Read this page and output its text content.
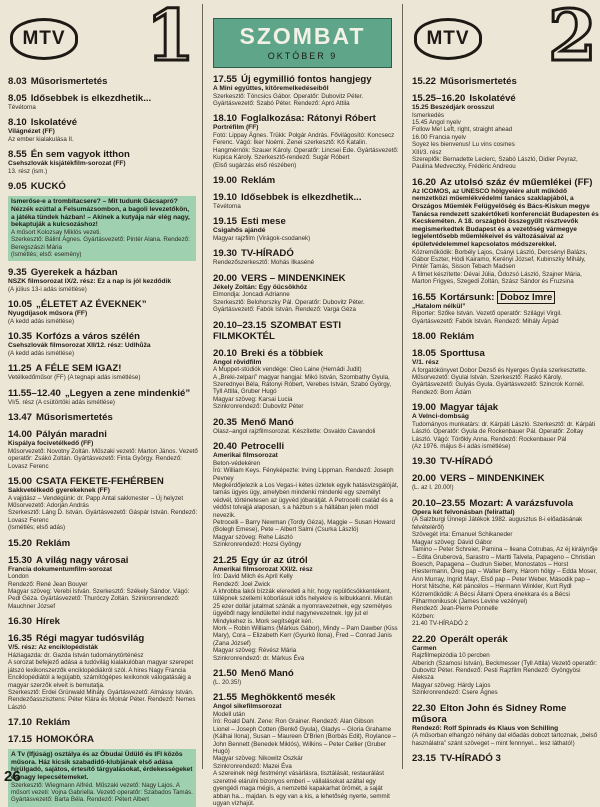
MTV 1
8.03 Műsorismertetés
8.05 Idősebbek is elkezdhetik...
Tévétorna
8.10 Iskolatévé
Világnézet (FF)
Az ember kialakulása II.
8.55 Én sem vagyok itthon
Csehszlovák kisjátékfilm-sorozat (FF)
13. rész (ism.)
9.05 KUCKÓ
Ismerőse-e a trombitacsere? – Mit tudunk Gácsapró? Nézzék ezúttal a Felsumázsombon, a bagoli levezetőkön, a játéka tündek házban! – Akinek a kutyája nár elég nagy, bekaptuják a kulcsozáshoz!
A műsort Kolozsay Miklós vezeti.
Szerkesztő: Bálint Ágnes. Gyártásvezető: Pintér Alana. Rendező: Beregszászi Mária
(Ismétlés; első: esemény)
9.35 Gyerekek a házban
NSZK filmsorozat IX/2. rész: Ez a nap is jól kezdődik
(A július 13-i adás ismétlése)
10.05 „ÉLETET AZ ÉVEKNEK”
Nyugdíjasok műsora (FF)
(A kedd adás ismétlése)
10.35 Korfózs a város szélén
Csehszlovák filmsorozat XII/12. rész: Udlhůža
(A kedd adás ismétlése)
11.25 A FÉLE SEM IGAZ!
Vetélkedőműsor (FF) (A tegnapi adás ismétlése)
11.55–12.40 „Legyen a zene mindenkié”
VI/5. rész (A csütörtöki adás ismétlése)
13.47 Műsorismertetés
14.00 Pályán maradni
Kispálya focivetélkedő (FF)
Műsorvezető: Novotny Zoltán. Műszaki vezető: Marton János. Vezető operatőr: Zsákó Zoltán. Gyártásvezető: Finta György. Rendező: Lovasz Ferenc
15.00 CSATA FEKETE-FEHÉRBEN
Sakkvetélkedő gyerekeknek (FF)
A vajjdász – Vendégünk: dr. Papp Antal sakkmester – Új helyzet
Műsorvezető: Adorján András
Szerkesztő: Láng D. István. Gyártásvezető: Gáspár István. Rendező: Lovasz Ferenc
(Ismétlés; első adás)
15.20 Reklám
15.30 A világ nagy városai
Francia dokumentumfilm-sorozat
London
Rendező: René Jean Bouyer
Magyar szöveg: Verebi István. Szerkesztő: Székely Sándor. Vágó: Pedl Géza. Gyártásvezető: Thuróczy Zoltán. Szinkronrendező: Mauchner József
16.30 Hírek
16.35 Régi magyar tudósvilág
V/5. rész: Az enciklopédisták
Háziagazda: dr. Gazda István tudománytörténész
A sorozat befejező adása a tudóvilág kialakulóban magyar szerepet játszó lexikonszerzők enciklopédiákról szól. A hires Nagy Francia Enciklopédiától a legújabb, számítógépes lexikonok válogatásáig a magyar szerzők elveit is bemutatja.
Szerkesztő: Erdei Grünwald Mihály. Gyártásvezető: Almássy István. Rendezőasszisztens: Péter Klára és Molnár Péter. Rendező: Nemes László
17.10 Reklám
17.15 HOMOKÓRA
A Tv (Ifjúság) osztálya és az Óbudai Üdülő és IFI közös műsora. Ház kicsik szabadidő-klubjának első adása hírülgadó, sajátos, értesítő tárgyalásokat, érdekességeket és nagy lepecsétemeket.
Szerkesztő: Wiegmann Alfréd. Műszaki vezető: Nagy Lajos. A műsort vezeti: Vojna Gabriella. Vezető operatőr: Szabados Tamás. Gyártásvezető: Barta Béla. Rendező: Pétert Albert
26
SZOMBAT
OKTÓBER 9
17.55 Új egymillió fontos hangjegy
A Mini együttes, kitöremelkedéseiből
Szerkesztő: Tóncsics Gábor. Operatőr: Dubovitz Péter. Gyártásvezető: Szabó Péter. Rendező: Apró Attila
18.10 Foglalkozása: Rátonyi Róbert
Portréfilm (FF)
Fotó: Lippay Ágnes. Trükk: Polgár András. Fővilágosító: Koncsecz Ferenc. Vágó: Iker Noémi. Zenei szerkesztő: Kő Katalin. Hangmérnök: Szauer Károly. Operatőr: Lincsei Ede. Gyártásvezető: Kupica Károly. Szerkesztő-rendező: Sugár Róbert
(Első sugárzás első részében)
19.00 Reklám
19.10 Idősebbek is elkezdhetik...
Tévétorna
19.15 Esti mese
Csigahős ajándé
Magyar rajzfilm (Virágok-csodanek)
19.30 TV-HÍRADÓ
Rendezőszerkesztő: Mohás Ilkaséné
20.00 VERS – MINDENKINEK
Jékely Zoltán: Egy öücsökhöz
Elmondja: Joncadi Adrianne
Szerkesztő: Belohorszky Pál. Operatőr: Dubovitz Péter. Gyártásvezető: Fabók István. Rendező: Varga Géza
20.10–23.15 SZOMBAT ESTI FILMKOKTÉL
20.10 Breki és a többiek
Angol rövidfilm
A Muppet-stúdiók vendége: Cleo Laine (Hernádi Judit)
A „Breki-zelpari” magyar hangjai: Mikó István, Szombathy Gyula, Szerednyei Béla, Rátonyi Róbert, Verebes István, Szabó György, Tyll Attila, Gruber Hugó
Magyar szöveg: Karsai Lucia
Szinkronrendező: Dubovitz Péter
20.35 Menő Manó
Olasz–angol rajzfilmsorozat. Készítette: Osvaldo Cavandoli
20.40 Petrocelli
Amerikai filmsorozat
Beton-védekéren
Író: William Keys. Fényképezte: Irving Lippman. Rendező: Joseph Pevney
Megkérdőjelezik a Los Vegas-i kétes üzletek egyik hatásvizsgálóját, tamás ügyes ügy, amelyben mindenki mindenki egy személyt védvél, történetesen az ügyvéd jóbarátját. A Petrocelli család és a védőst tolvajjá alaposan, s a házbun s a háltában jelen módl nevezik.
Petrocelli – Barry Newman (Tordy Géza), Maggie – Susan Howard (Bolegh Emese), Pete – Albert Salmi (Csurka László)
Magyar szöveg: Rehe László
Szinkronrendező: Hozsi Gyöngy
21.25 Egy úr az útról
Amerikai filmsorozat XXI/2. rész
Író: David Milch és April Kelly
Rendező: Joel Zwick
A khrobba lakói bízzák eleredeti a hír, hogy repülőcsökkentékent, túllépnek szellemi kóborlásuk idős helyekre is lelbukkanni. Miután 25 ezer dollár jutalmat szánák a nyomravezetnek, egy személyes ügyéből nagy lendülettel indul nagynevezetnek. Igy jut el Mindykehez is. Mork segítségét kéri.
Mork – Robin Williams (Márkus Gábor), Mindy – Pam Dawber (Kiss Mary), Cora – Elizabeth Kerr (Gyurkó Ilona), Fred – Conrad Janis (Zana József)
Magyar szöveg: Révész Mária
Szinkronrendező: dr. Márkus Éva
21.50 Menő Manó
(L. 20.35!)
21.55 Meghökkentő mesék
Angol sikefilmsorozat
Modell után
Író: Roald Dahl. Zene: Ron Grainer. Rendező: Alan Gibson
Lionel – Joseph Cotten (Benkő Gyula), Gladys – Gloria Grahame (Kálhai Ilona), Susan – Maureen O'Brien (Borbás Edit), Roylance – John Bennett (Benedek Miklós), Wilkins – Peter Cellier (Gruber Hugó)
Magyar szöveg: Nikowitz Oszkár
Szinkronrendező: Mazei Éva
A szereinek négi festményt vásárlásra, tisztálását, restaurálást szeretné elárulni bizonyos emberi – vállalásokat azáltal egy gyengédi maga mégis, a nemzetté kapakarhat örömét, a saját abban ha... majdan. Is egy van a kis, a lehetőség nyerte, semmit ugyan vízhajút.
MTV 2
15.22 Műsorismertetés
15.25–16.20 Iskolatévé
15.25 Beszédjárk orosszul
Ismerkedés
15.45 Angol nyelv
Follow Me! Left, right, straight ahead
16.00 Francia nyelv
Soyez les bienvenus! Lu vins cosmes
XIII/3. rész
Szereplők: Bernadette Leclerc, Szabó László, Didier Peyraz, Paulina Medveczky, Frédéric Andreou
16.20 Az utolsó száz év műemlékei (FF)
Az ICOMOS, az UNESCO hölgyeiére alult működő nemzetközi műemlékvédelmi tanács szaklapjából, a Országos Műemlék Felügyelőség és Bács-Kiskun megye Tanácsa rendezett szakértőketi konferenciát Budapesten és Kecskeméten. A 18. országból összegyűlt résztvevők megismerkedtek Budapest és a vezetőség vármegye legjelentősebb műemlékeivel és változásaival az épületvédelemmel kapcsolatos módszerekkel.
Közreműködik: Borbély Lajos, Csányi László, Dercsényi Balázs, Gábor Eszter, Hódi Kairamo, Kerényi József, Kubinszky Mihály, Pintér Tamás, Sisson Tebach Madsen
A filmet készítette: Dévai Júlia, Ódozsó László, Szajner Mária, Marton Frigyes, Szegedi Zoltán, Szász Sándor és Fruzsina
16.55 Kortársunk: Doboz Imre
„Hatalom nélkül”
Riporter: Szőke István. Vezető operatőr: Szilágyi Virgil. Gyártásvezető: Fabók István. Rendező: Mihály Árpád
18.00 Reklám
18.05 Sporttusa
V/1. rész
A forgatókönyvet Dobor Dezső és Nyerges Gyula szerkesztette. Műsorvezető: Gyulai István. Szerkesztő: Raskó Károly. Gyártásvezető: Gulyás Gyula. Gyártásvezető: Szincrok Kornél. Rendező: Born Ádám
19.00 Magyar tájak
A Velnci-dombság
Tudományos munkatárs: dr. Kárpáti László. Szerkesztő: dr. Kárpáti László. Operatőr: Gyula de Rockenbauer Pál. Operatőr: Zoltay László. Vágó: Törőkly Anna. Rendező: Rockenbauer Pál
(Az 1976. május 8-i adás ismétlése)
19.30 TV-HÍRADÓ
20.00 VERS – MINDENKINEK
(L. az I. 20.00!)
20.10–23.55 Mozart: A varázsfuvola
Opera két felvonásban (felirattal)
(A Salzburgi Ünnepi Játékok 1982. augusztus 8-i előadásának felvételéről)
Szövegét írta: Emanuel Schikaneder
Magyar szöveg: Dávid Gábor
Tamino – Peter Schreier, Pamina – Ileana Cotrubas, Az éj királynője – Edita Gruberová, Sarastro – Martti Talvela, Papageno – Christian Boesch, Papagena – Gudrun Sieber, Monostatos – Horst Hiestermann, Öreg pap – Walter Berry, Három hölgy – Edda Moser, Ann Murray, Ingrid Mayr, Első pap – Peter Weber, Második pap – Horst Nitsche, Két páncélos – Hermann Winkler, Kurt Rydl
Közreműködik: A Bécsi Állami Opera énekkara és a Bécsi Filharmonikusok (James Levine vezényel)
Rendező: Jean-Pierre Ponnelle
Közben:
21.40 TV-HÍRADÓ 2
22.20 Operált operák
Carmen
Rajzfilmepizódia 10 percben
Alberich (Szamosi István), Beckmesser (Tyll Attila) Vezető operatőr: Dubovitz Péter. Rendező: Pesti Rajzfilm Rendező: Gyöngyösi Aleksza
Magyar szöveg: Hárdy Lajos
Szinkronrendező: Csere Ágnes
22.30 Elton John és Sidney Rome műsora
Rendező: Rolf Spinrads és Klaus von Schilling
(A műsorban elhangzó néhány dal előadás dobozt tartoznak, „belső használatra” szánt szöveget – mint fennnyel... lesz látható!)
23.15 TV-HÍRADÓ 3
